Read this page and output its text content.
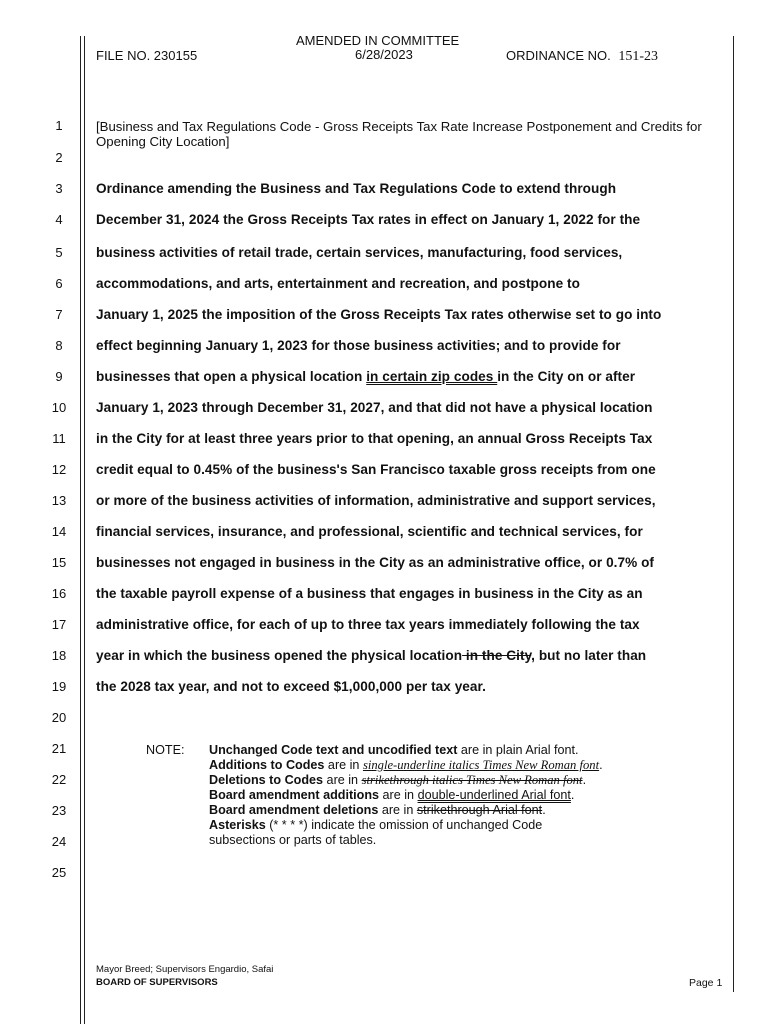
FILE NO. 230155
AMENDED IN COMMITTEE
6/28/2023	ORDINANCE NO. 151-23
1
2
3
4
5
6
7
8
9
10
11
12
13
14
15
16
17
18
19
20
21
22
23
24
25
[Business and Tax Regulations Code - Gross Receipts Tax Rate Increase Postponement and Credits for Opening City Location]
Ordinance amending the Business and Tax Regulations Code to extend through
December 31, 2024 the Gross Receipts Tax rates in effect on January 1, 2022 for the
business activities of retail trade, certain services, manufacturing, food services,
accommodations, and arts, entertainment and recreation, and postpone to
January 1, 2025 the imposition of the Gross Receipts Tax rates otherwise set to go into
effect beginning January 1, 2023 for those business activities; and to provide for
businesses that open a physical location in certain zip codes in the City on or after
January 1, 2023 through December 31, 2027, and that did not have a physical location
in the City for at least three years prior to that opening, an annual Gross Receipts Tax
credit equal to 0.45% of the business's San Francisco taxable gross receipts from one
or more of the business activities of information, administrative and support services,
financial services, insurance, and professional, scientific and technical services, for
businesses not engaged in business in the City as an administrative office, or 0.7% of
the taxable payroll expense of a business that engages in business in the City as an
administrative office, for each of up to three tax years immediately following the tax
year in which the business opened the physical location in the City, but no later than
the 2028 tax year, and not to exceed $1,000,000 per tax year.
NOTE: Unchanged Code text and uncodified text are in plain Arial font.
Additions to Codes are in single-underline italics Times New Roman font.
Deletions to Codes are in strikethrough italics Times New Roman font.
Board amendment additions are in double-underlined Arial font.
Board amendment deletions are in strikethrough Arial font.
Asterisks (* * * *) indicate the omission of unchanged Code
subsections or parts of tables.
Mayor Breed; Supervisors Engardio, Safai
BOARD OF SUPERVISORS	Page 1
